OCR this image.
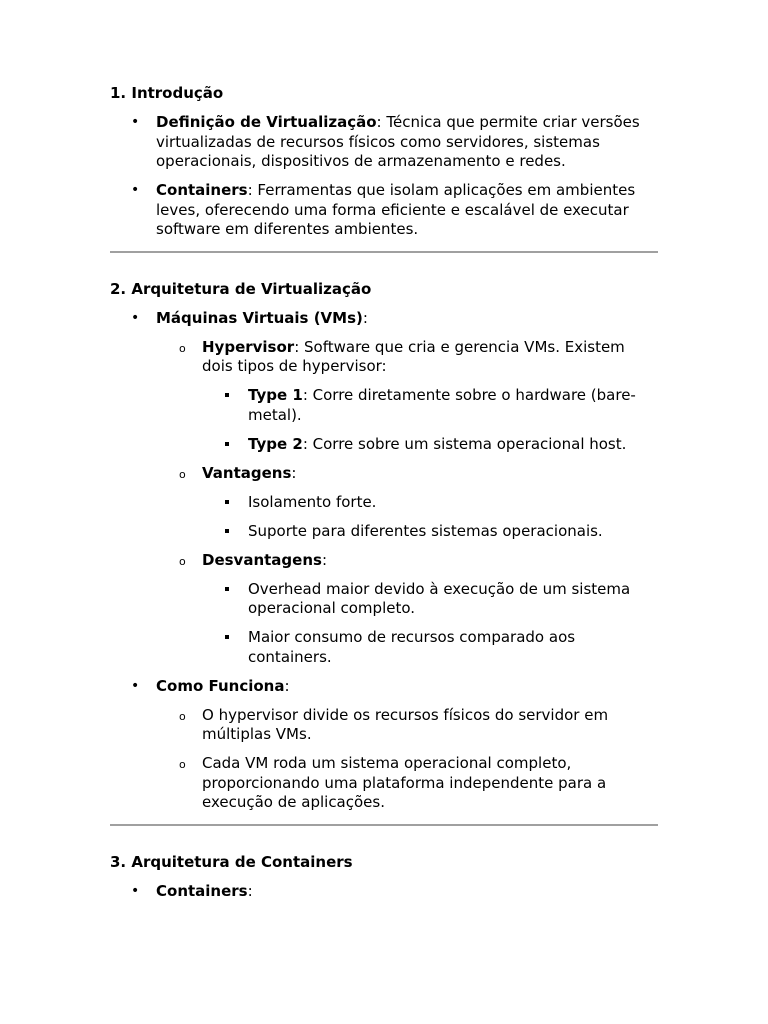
1. Introdução

• Definição de Virtualização: Técnica que permite criar versões virtualizadas de recursos físicos como servidores, sistemas operacionais, dispositivos de armazenamento e redes.
• Containers: Ferramentas que isolam aplicações em ambientes leves, oferecendo uma forma eficiente e escalável de executar software em diferentes ambientes.

2. Arquitetura de Virtualização

• Máquinas Virtuais (VMs):
o Hypervisor: Software que cria e gerencia VMs. Existem dois tipos de hypervisor:
Type 1: Corre diretamente sobre o hardware (bare-metal).
Type 2: Corre sobre um sistema operacional host.
o Vantagens:
Isolamento forte.
Suporte para diferentes sistemas operacionais.
o Desvantagens:
Overhead maior devido à execução de um sistema operacional completo.
Maior consumo de recursos comparado aos containers.
• Como Funciona:
o O hypervisor divide os recursos físicos do servidor em múltiplas VMs.
o Cada VM roda um sistema operacional completo, proporcionando uma plataforma independente para a execução de aplicações.

3. Arquitetura de Containers

• Containers:
